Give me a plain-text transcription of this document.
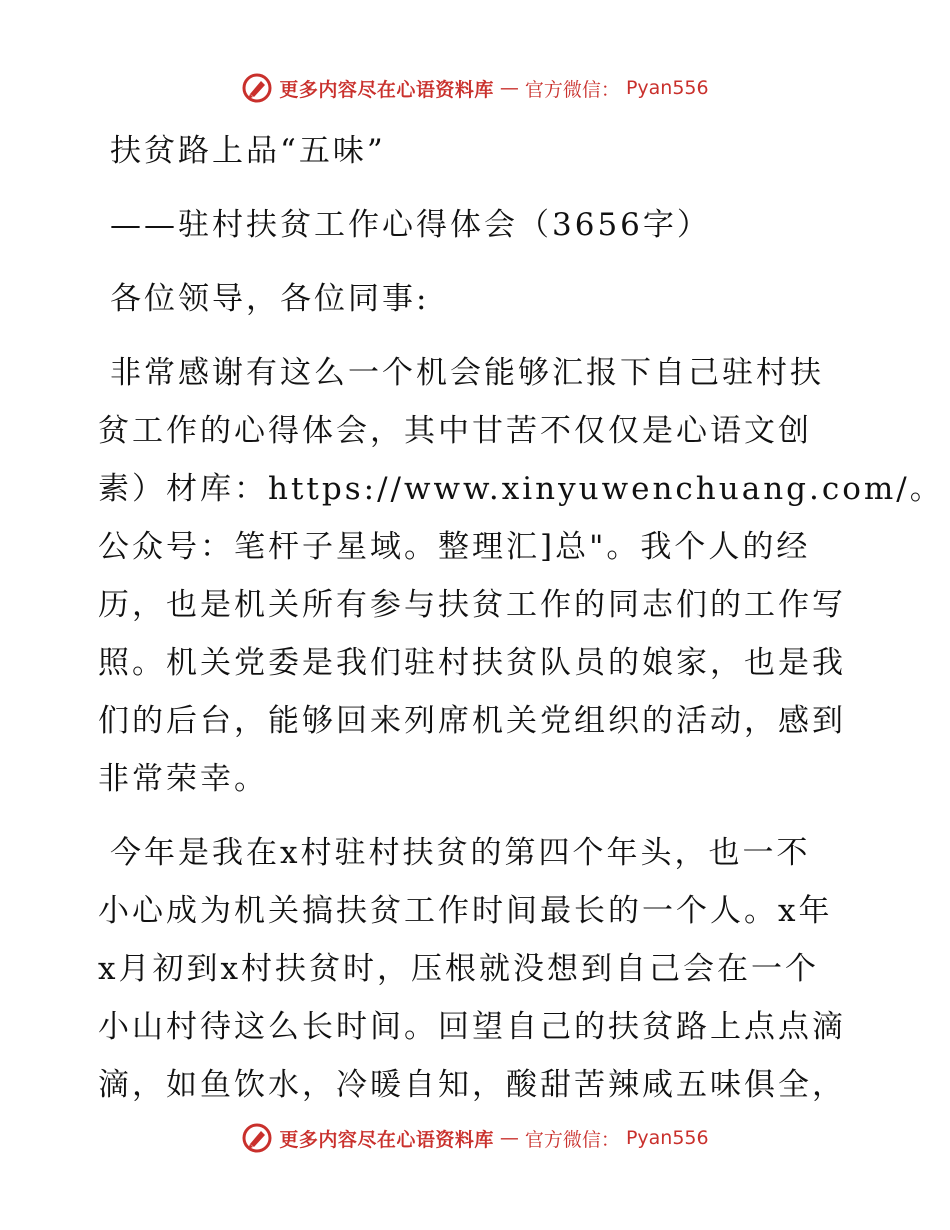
更多内容尽在心语资料库 — 官方微信： Pyan556
扶贫路上品“五味”
——驻村扶贫工作心得体会（3656字）
各位领导，各位同事:
非常感谢有这么一个机会能够汇报下自己驻村扶
贫工作的心得体会，其中甘苦不仅仅是心语文创
素）材库：https://www.xinyuwenchuang.com/。
公众号：笔杆子星域。整理汇]总"。我个人的经
历，也是机关所有参与扶贫工作的同志们的工作写
照。机关党委是我们驻村扶贫队员的娘家，也是我
们的后台，能够回来列席机关党组织的活动，感到
非常荣幸。
今年是我在x村驻村扶贫的第四个年头，也一不
小心成为机关搞扶贫工作时间最长的一个人。x年
x月初到x村扶贫时，压根就没想到自己会在一个
小山村待这么长时间。回望自己的扶贫路上点点滴
滴，如鱼饮水，冷暖自知，酸甜苦辣咸五味俱全，
更多内容尽在心语资料库 — 官方微信： Pyan556
